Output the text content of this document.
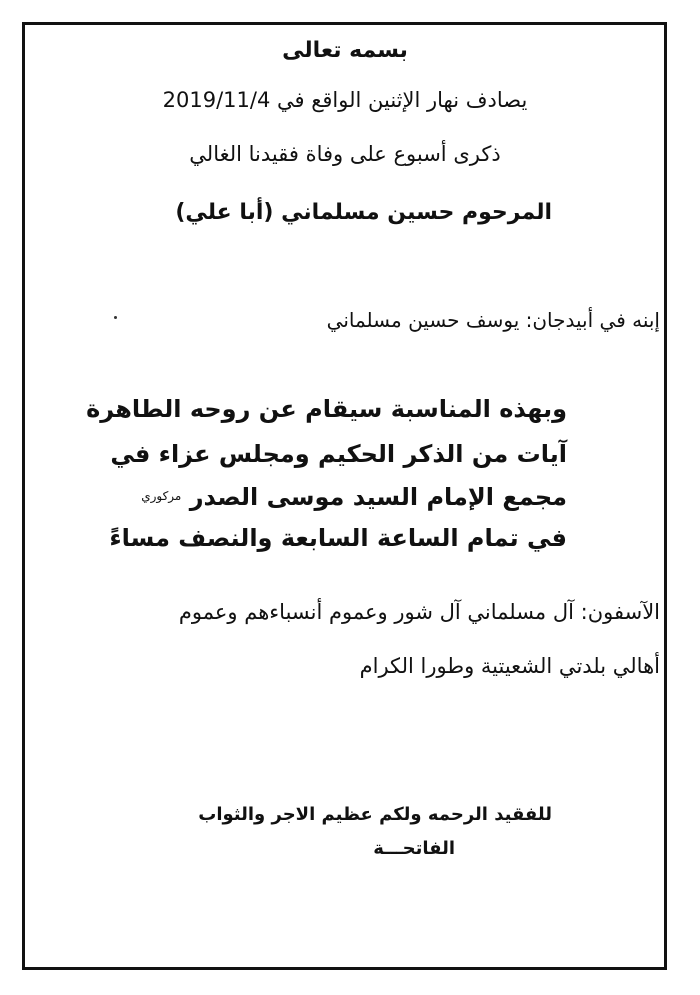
بسمه تعالى

يصادف نهار الإثنين الواقع في 2019/11/4

ذكرى أسبوع على وفاة فقيدنا الغالي

المرحوم حسين مسلماني (أبا علي)

إبنه في أبيدجان: يوسف حسين مسلماني

وبهذه المناسبة سيقام عن روحه الطاهرة

آيات من الذكر الحكيم ومجلس عزاء في

مجمع الإمام السيد موسى الصدر $^{مركوري}$

في تمام الساعة السابعة والنصف مساءً

الآسفون: آل مسلماني آل شور وعموم أنسباءهم وعموم

أهالي بلدتي الشعيتية وطورا الكرام

للفقيد الرحمه ولكم عظيم الاجر والثواب

الفاتحـــة
